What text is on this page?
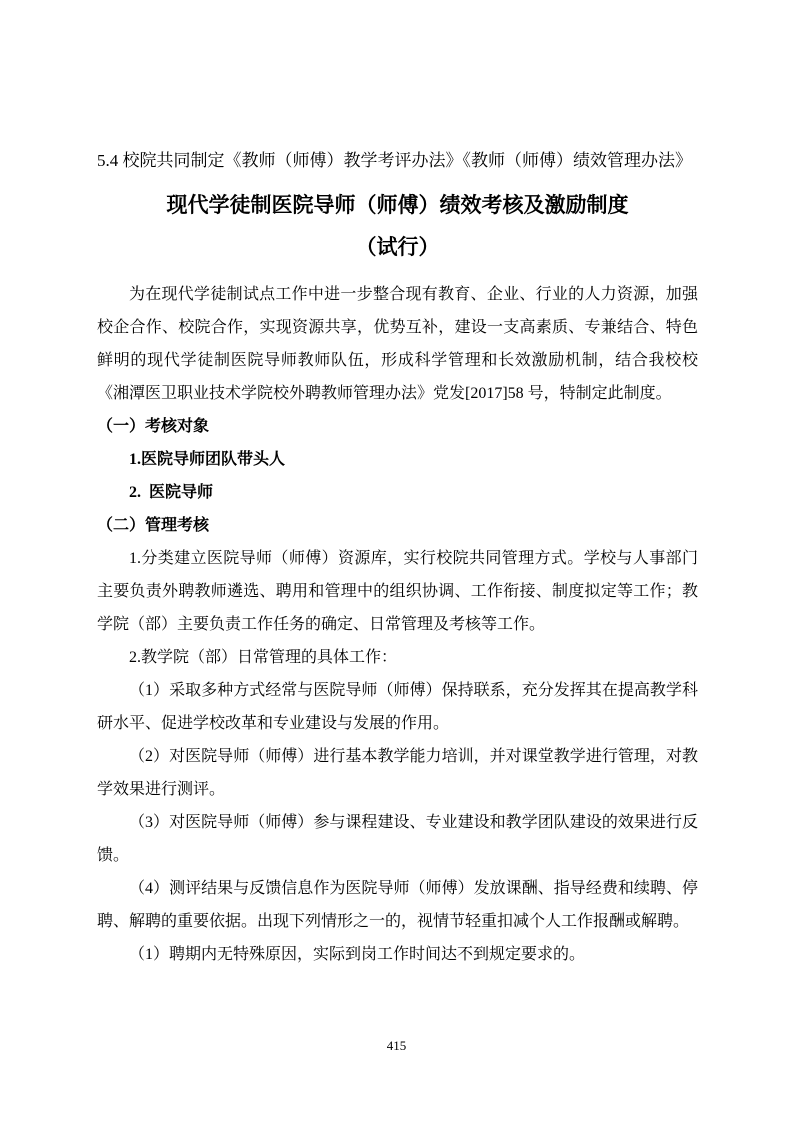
5.4 校院共同制定《教师（师傅）教学考评办法》《教师（师傅）绩效管理办法》

现代学徒制医院导师（师傅）绩效考核及激励制度
（试行）

为在现代学徒制试点工作中进一步整合现有教育、企业、行业的人力资源，加强校企合作、校院合作，实现资源共享，优势互补，建设一支高素质、专兼结合、特色鲜明的现代学徒制医院导师教师队伍，形成科学管理和长效激励机制，结合我校校《湘潭医卫职业技术学院校外聘教师管理办法》党发[2017]58 号，特制定此制度。

（一）考核对象

1.医院导师团队带头人

2.  医院导师

（二）管理考核

1.分类建立医院导师（师傅）资源库，实行校院共同管理方式。学校与人事部门主要负责外聘教师遴选、聘用和管理中的组织协调、工作衔接、制度拟定等工作；教学院（部）主要负责工作任务的确定、日常管理及考核等工作。

2.教学院（部）日常管理的具体工作：

（1）采取多种方式经常与医院导师（师傅）保持联系，充分发挥其在提高教学科研水平、促进学校改革和专业建设与发展的作用。

（2）对医院导师（师傅）进行基本教学能力培训，并对课堂教学进行管理，对教学效果进行测评。

（3）对医院导师（师傅）参与课程建设、专业建设和教学团队建设的效果进行反馈。

（4）测评结果与反馈信息作为医院导师（师傅）发放课酬、指导经费和续聘、停聘、解聘的重要依据。出现下列情形之一的，视情节轻重扣减个人工作报酬或解聘。

（1）聘期内无特殊原因，实际到岗工作时间达不到规定要求的。

415
